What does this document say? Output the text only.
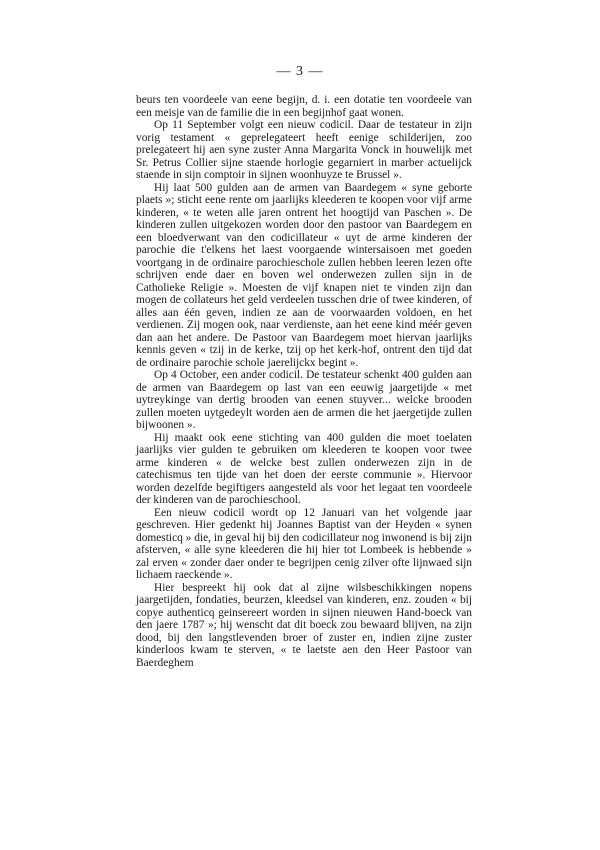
— 3 —

beurs ten voordeele van eene begijn, d. i. een dotatie ten voordeele van een meisje van de familie die in een begijnhof gaat wonen.

Op 11 September volgt een nieuw codicil. Daar de testateur in zijn vorig testament « geprelegateert heeft eenige schilderijen, zoo prelegateert hij aen syne zuster Anna Margarita Vonck in houwelijk met Sr. Petrus Collier sijne staende horlogie gegarniert in marber actuelijck staende in sijn comptoir in sijnen woonhuyze te Brussel ».

Hij laat 500 gulden aan de armen van Baardegem « syne geborte plaets »; sticht eene rente om jaarlijks kleederen te koopen voor vijf arme kinderen, « te weten alle jaren ontrent het hoogtijd van Paschen ». De kinderen zullen uitgekozen worden door den pastoor van Baardegem en een bloedverwant van den codicillateur « uyt de arme kinderen der parochie die t'elkens het laest voorgaende wintersaisoen met goeden voortgang in de ordinaire parochieschole zullen hebben leeren lezen ofte schrijven ende daer en boven wel onderwezen zullen sijn in de Catholieke Religie ». Moesten de vijf knapen niet te vinden zijn dan mogen de collateurs het geld verdeelen tusschen drie of twee kinderen, of alles aan één geven, indien ze aan de voorwaarden voldoen, en het verdienen. Zij mogen ook, naar verdienste, aan het eene kind méér geven dan aan het andere. De Pastoor van Baardegem moet hiervan jaarlijks kennis geven « tzij in de kerke, tzij op het kerk-hof, ontrent den tijd dat de ordinaire parochie schole jaerelijckx begint ».

Op 4 October, een ander codicil. De testateur schenkt 400 gulden aan de armen van Baardegem op last van een eeuwig jaargetijde « met uytreykinge van dertig brooden van eenen stuyver... welcke brooden zullen moeten uytgedeylt worden aen de armen die het jaergetijde zullen bijwoonen ».

Hij maakt ook eene stichting van 400 gulden die moet toelaten jaarlijks vier gulden te gebruiken om kleederen te koopen voor twee arme kinderen « de welcke best zullen onderwezen zijn in de catechismus ten tijde van het doen der eerste communie ». Hiervoor worden dezelfde begiftigers aangesteld als voor het legaat ten voordeele der kinderen van de parochieschool.

Een nieuw codicil wordt op 12 Januari van het volgende jaar geschreven. Hier gedenkt hij Joannes Baptist van der Heyden « synen domesticq » die, in geval hij bij den codicillateur nog inwonend is bij zijn afsterven, « alle syne kleederen die hij hier tot Lombeek is hebbende » zal erven « zonder daer onder te begrijpen cenig zilver ofte lijnwaed sijn lichaem raeckende ».

Hier bespreekt hij ook dat al zijne wilsbeschikkingen nopens jaargetijden, fondaties, beurzen, kleedsel van kinderen, enz. zouden « bij copye authenticq geinsereert worden in sijnen nieuwen Hand-boeck van den jaere 1787 »; hij wenscht dat dit boeck zou bewaard blijven, na zijn dood, bij den langstlevenden broer of zuster en, indien zijne zuster kinderloos kwam te sterven, « te laetste aen den Heer Pastoor van Baerdeghem
